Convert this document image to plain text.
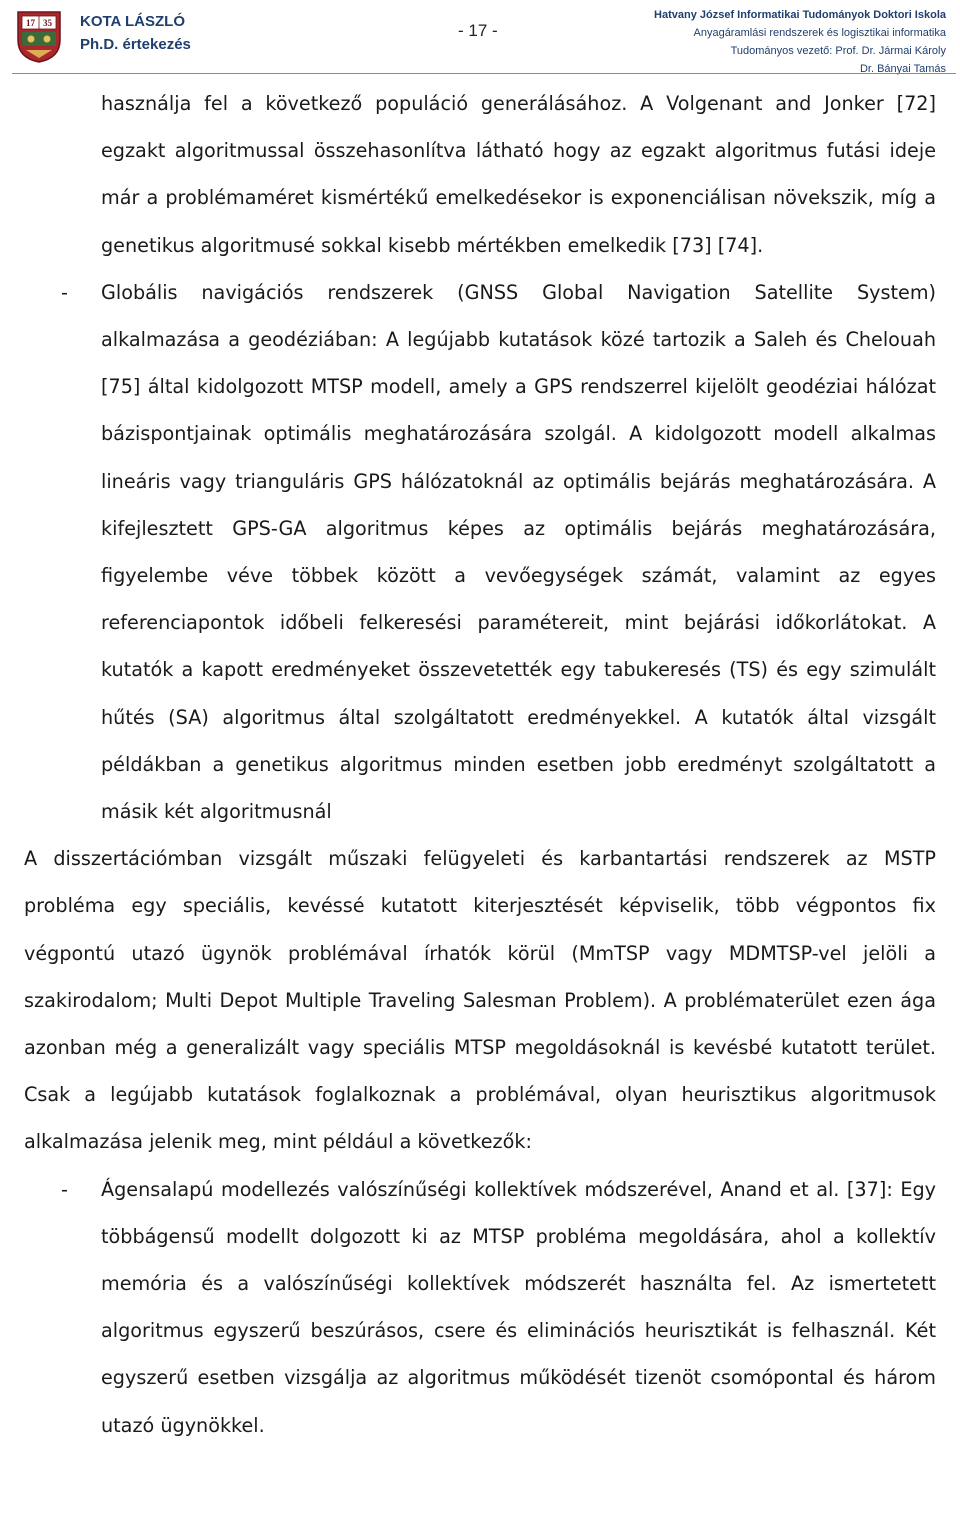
17 35 KOTA LÁSZLÓ
Ph.D. értekezés
- 17 -
Hatvany József Informatikai Tudományok Doktori Iskola
Anyagáramlási rendszerek és logisztikai informatika
Tudományos vezető: Prof. Dr. Jármai Károly
Dr. Bányai Tamás

használja fel a következő populáció generálásához. A Volgenant and Jonker [72] egzakt algoritmussal összehasonlítva látható hogy az egzakt algoritmus futási ideje már a problémaméret kismértékű emelkedésekor is exponenciálisan növekszik, míg a genetikus algoritmusé sokkal kisebb mértékben emelkedik [73] [74].

- Globális navigációs rendszerek (GNSS Global Navigation Satellite System) alkalmazása a geodéziában: A legújabb kutatások közé tartozik a Saleh és Chelouah [75] által kidolgozott MTSP modell, amely a GPS rendszerrel kijelölt geodéziai hálózat bázispontjainak optimális meghatározására szolgál. A kidolgozott modell alkalmas lineáris vagy trianguláris GPS hálózatoknál az optimális bejárás meghatározására. A kifejlesztett GPS-GA algoritmus képes az optimális bejárás meghatározására, figyelembe véve többek között a vevőegységek számát, valamint az egyes referenciapontok időbeli felkeresési paramétereit, mint bejárási időkorlátokat. A kutatók a kapott eredményeket összevetették egy tabukeresés (TS) és egy szimulált hűtés (SA) algoritmus által szolgáltatott eredményekkel. A kutatók által vizsgált példákban a genetikus algoritmus minden esetben jobb eredményt szolgáltatott a másik két algoritmusnál

A disszertációmban vizsgált műszaki felügyeleti és karbantartási rendszerek az MSTP probléma egy speciális, kevéssé kutatott kiterjesztését képviselik, több végpontos fix végpontú utazó ügynök problémával írhatók körül (MmTSP vagy MDMTSP-vel jelöli a szakirodalom; Multi Depot Multiple Traveling Salesman Problem). A problématerület ezen ága azonban még a generalizált vagy speciális MTSP megoldásoknál is kevésbé kutatott terület. Csak a legújabb kutatások foglalkoznak a problémával, olyan heurisztikus algoritmusok alkalmazása jelenik meg, mint például a következők:

- Ágensalapú modellezés valószínűségi kollektívek módszerével, Anand et al. [37]: Egy többágensű modellt dolgozott ki az MTSP probléma megoldására, ahol a kollektív memória és a valószínűségi kollektívek módszerét használta fel. Az ismertetett algoritmus egyszerű beszúrásos, csere és eliminációs heurisztikát is felhasznál. Két egyszerű esetben vizsgálja az algoritmus működését tizenöt csomópontal és három utazó ügynökkel.
